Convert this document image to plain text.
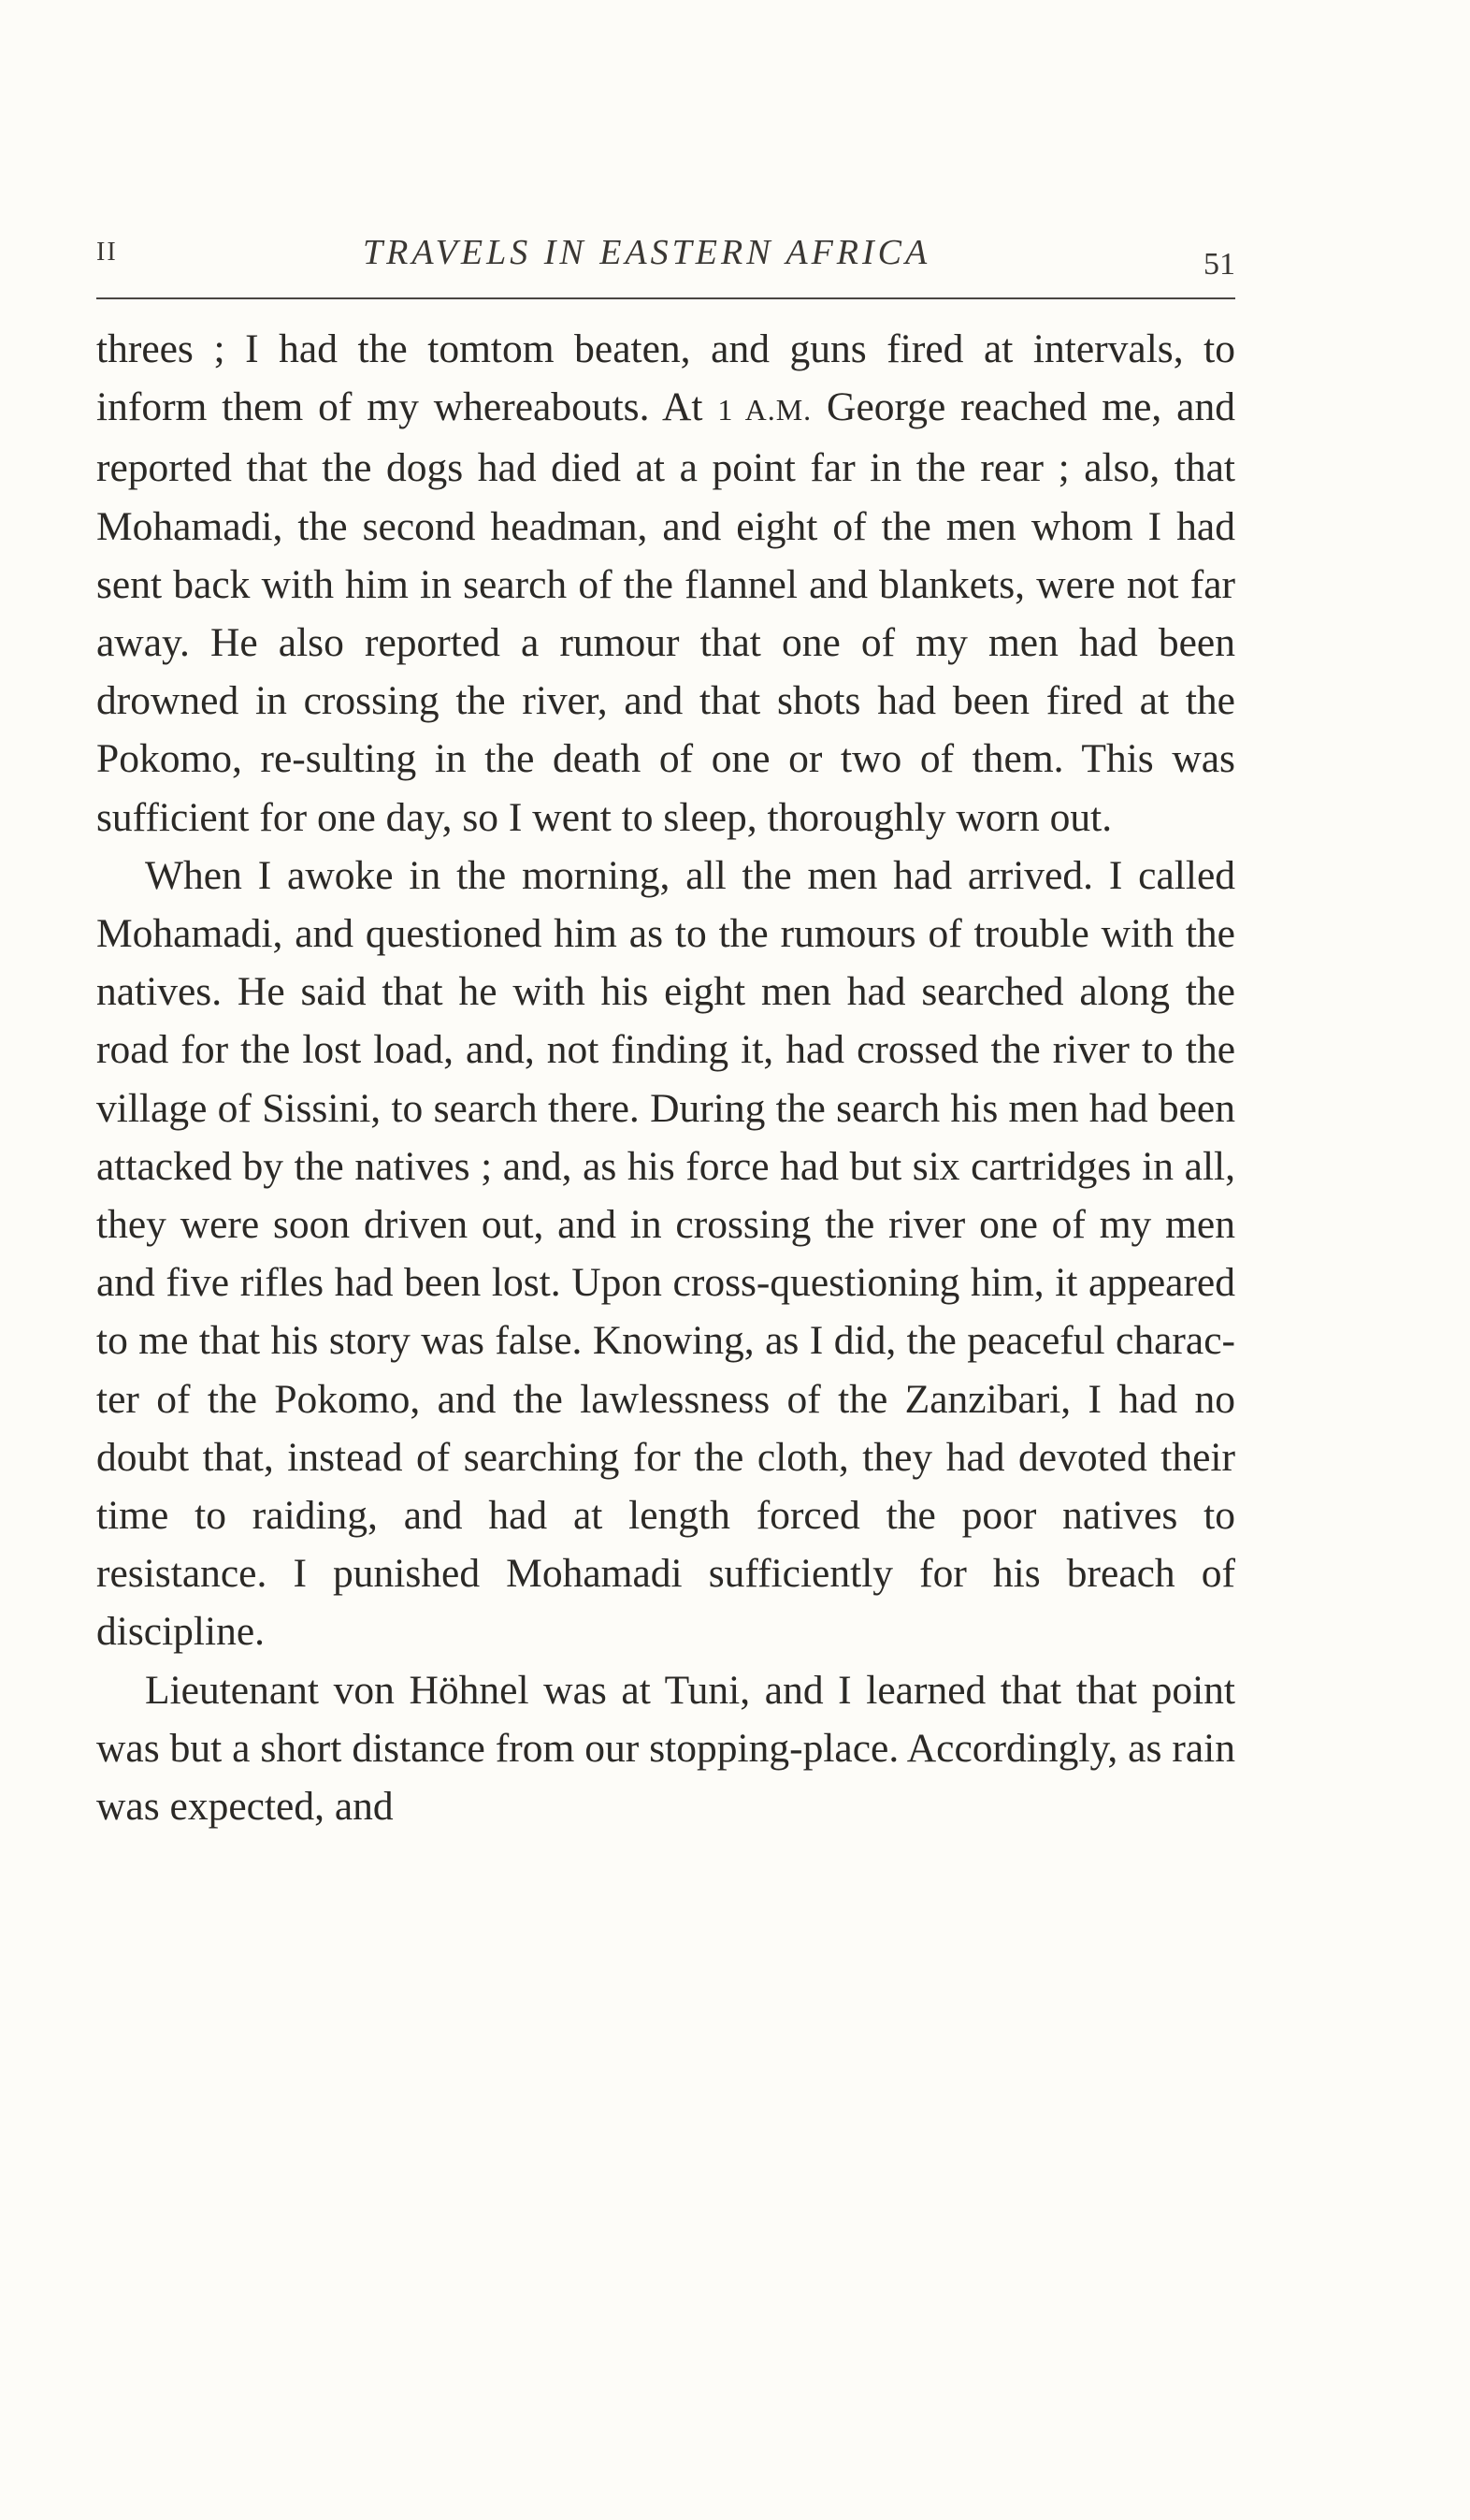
II	TRAVELS IN EASTERN AFRICA	51

threes ; I had the tomtom beaten, and guns fired at intervals, to inform them of my whereabouts. At 1 A.M. George reached me, and reported that the dogs had died at a point far in the rear ; also, that Mohamadi, the second headman, and eight of the men whom I had sent back with him in search of the flannel and blankets, were not far away. He also reported a rumour that one of my men had been drowned in crossing the river, and that shots had been fired at the Pokomo, re-sulting in the death of one or two of them. This was sufficient for one day, so I went to sleep, thoroughly worn out.

When I awoke in the morning, all the men had arrived. I called Mohamadi, and questioned him as to the rumours of trouble with the natives. He said that he with his eight men had searched along the road for the lost load, and, not finding it, had crossed the river to the village of Sissini, to search there. During the search his men had been attacked by the natives ; and, as his force had but six cartridges in all, they were soon driven out, and in crossing the river one of my men and five rifles had been lost. Upon cross-questioning him, it appeared to me that his story was false. Knowing, as I did, the peaceful charac-ter of the Pokomo, and the lawlessness of the Zanzibari, I had no doubt that, instead of searching for the cloth, they had devoted their time to raiding, and had at length forced the poor natives to resistance. I punished Mohamadi sufficiently for his breach of discipline.

Lieutenant von Höhnel was at Tuni, and I learned that that point was but a short distance from our stopping-place. Accordingly, as rain was expected, and
